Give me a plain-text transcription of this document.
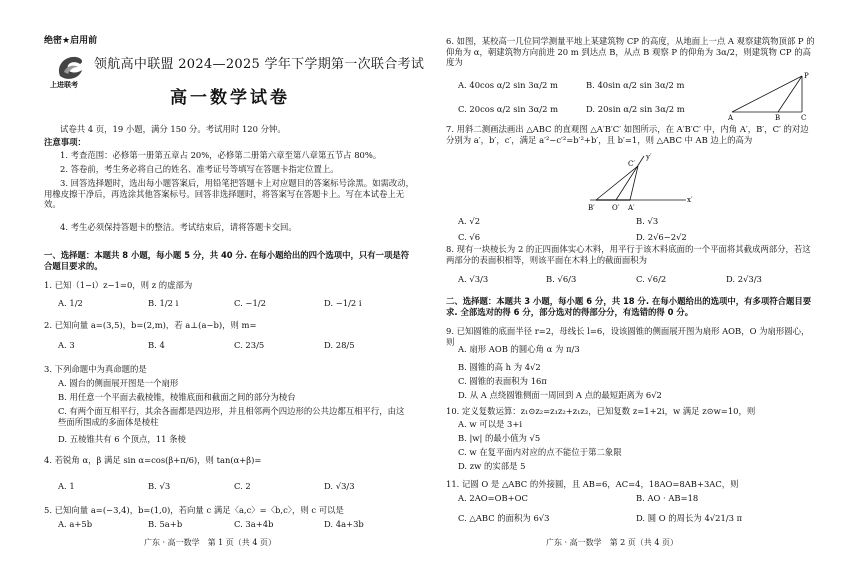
绝密★启用前
上进联考
领航高中联盟 2024—2025 学年下学期第一次联合考试
高一数学试卷
试卷共 4 页，19 小题，满分 150 分。考试用时 120 分钟。
注意事项：
1. 考查范围：必修第一册第五章占 20%，必修第二册第六章至第八章第五节占 80%。
2. 答卷前，考生务必将自己的姓名、准考证号等填写在答题卡指定位置上。
3. 回答选择题时，选出每小题答案后，用铅笔把答题卡上对应题目的答案标号涂黑。如需改动，用橡皮擦干净后，再选涂其他答案标号。回答非选择题时，将答案写在答题卡上。写在本试卷上无效。
4. 考生必须保持答题卡的整洁。考试结束后，请将答题卡交回。
一、选择题：本题共 8 小题，每小题 5 分，共 40 分. 在每小题给出的四个选项中，只有一项是符合题目要求的。
1. 已知（1−i）z−1=0，则 z 的虚部为
A. 1/2	B. 1/2 i	C. −1/2	D. −1/2 i
2. 已知向量 a=(3,5)，b=(2,m)，若 a⊥(a−b)，则 m=
A. 3	B. 4	C. 23/5	D. 28/5
3. 下列命题中为真命题的是
A. 圆台的侧面展开图是一个扇形
B. 用任意一个平面去截棱锥，棱锥底面和截面之间的部分为棱台
C. 有两个面互相平行，其余各面都是四边形，并且相邻两个四边形的公共边都互相平行，由这些面所围成的多面体是棱柱
D. 五棱锥共有 6 个顶点，11 条棱
4. 若锐角 α，β 满足 sin α=cos(β+π/6)，则 tan(α+β)=
A. 1	B. √3	C. 2	D. √3/3
5. 已知向量 a=(−3,4)，b=(1,0)，若向量 c 满足〈a,c〉=〈b,c〉，则 c 可以是
A. a+5b	B. 5a+b	C. 3a+4b	D. 4a+3b
广东 · 高一数学　第 1 页（共 4 页）
6. 如图，某校高一几位同学测量平地上某建筑物 CP 的高度，从地面上一点 A 观察建筑物顶部 P 的仰角为 α，朝建筑物方向前进 20 m 到达点 B，从点 B 观察 P 的仰角为 3α/2，则建筑物 CP 的高度为
A. 40cos α/2 sin 3α/2 m	B. 40sin α/2 sin 3α/2 m
C. 20cos α/2 sin 3α/2 m	D. 20sin α/2 sin 3α/2 m
P
A	B	C
7. 用斜二测画法画出 △ABC 的直观图 △A′B′C′ 如图所示，在 A′B′C′ 中，内角 A′，B′，C′ 的对边分别为 a′，b′，c′，满足 a′²−c′²=b′²+b′，且 b′=1，则 △ABC 中 AB 边上的高为
y′
C′
x′
B′ O′ A′
A. √2	B. √3
C. √6	D. 2√6−2√2
8. 现有一块棱长为 2 的正四面体实心木料，用平行于该木料底面的一个平面将其截成两部分，若这两部分的表面积相等，则该平面在木料上的截面面积为
A. √3/3	B. √6/3	C. √6/2	D. 2√3/3
二、选择题：本题共 3 小题，每小题 6 分，共 18 分. 在每小题给出的选项中，有多项符合题目要求. 全部选对的得 6 分，部分选对的得部分分，有选错的得 0 分。
9. 已知圆锥的底面半径 r=2，母线长 l=6，设该圆锥的侧面展开图为扇形 AOB，O 为扇形圆心，则
A. 扇形 AOB 的圆心角 α 为 π/3
B. 圆锥的高 h 为 4√2
C. 圆锥的表面积为 16π
D. 从 A 点绕圆锥侧面一周回到 A 点的最短距离为 6√2
10. 定义复数运算：z₁⊙z₂=z₁z₂+z₁z₂，已知复数 z=1+2i，w 满足 z⊙w=10，则
A. w 可以是 3+i
B. |w| 的最小值为 √5
C. w 在复平面内对应的点不能位于第二象限
D. zw 的实部是 5
11. 记圆 O 是 △ABC 的外接圆，且 AB=6，AC=4，18AO=8AB+3AC，则
A. 2AO=OB+OC	B. AO · AB=18
C. △ABC 的面积为 6√3	D. 圆 O 的周长为 4√21/3 π
广东 · 高一数学　第 2 页（共 4 页）
